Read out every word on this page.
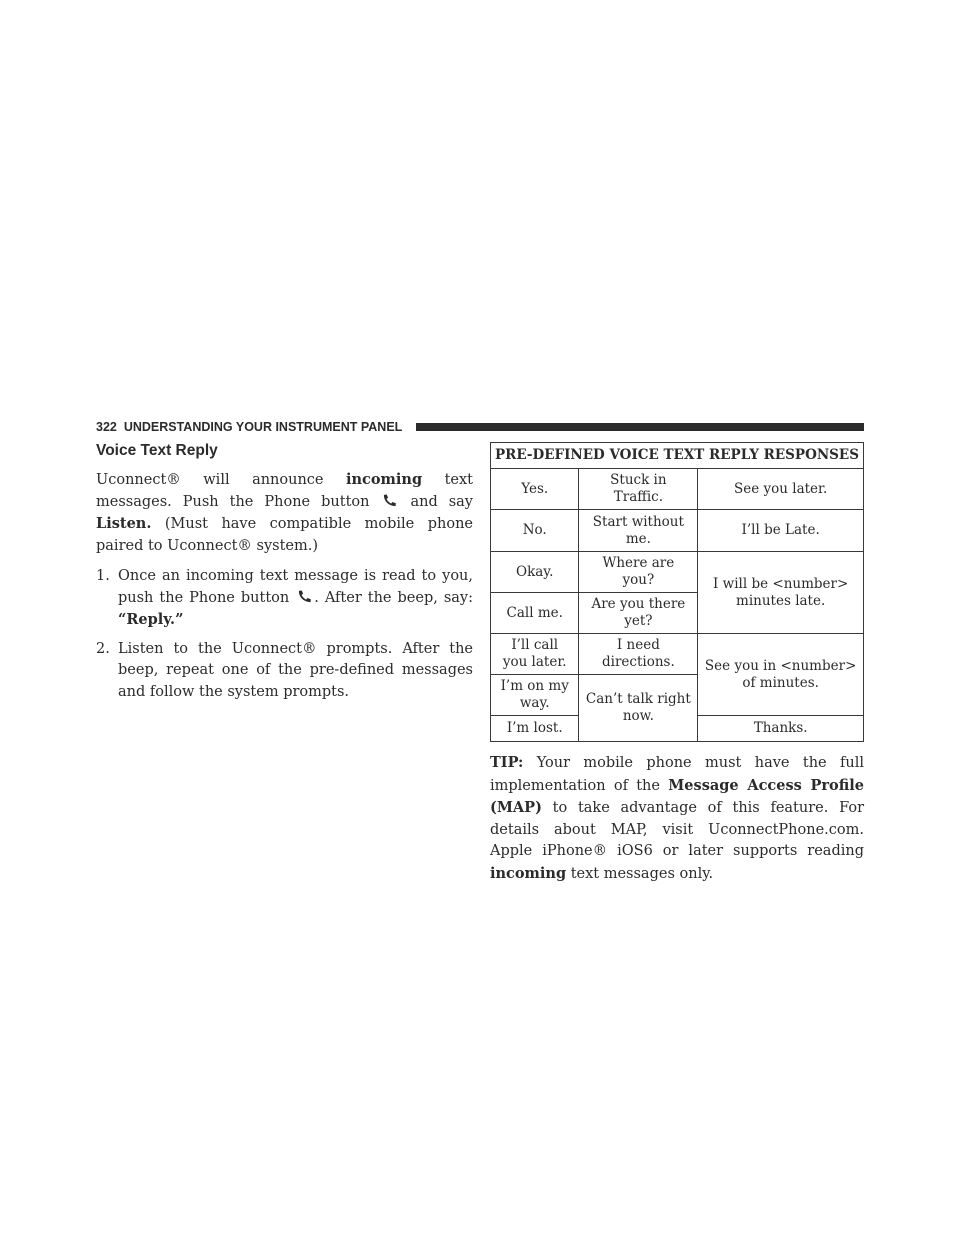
322 UNDERSTANDING YOUR INSTRUMENT PANEL
Voice Text Reply

Uconnect® will announce incoming text messages. Push the Phone button  and say Listen. (Must have compatible mobile phone paired to Uconnect® system.)

1. Once an incoming text message is read to you, push the Phone button . After the beep, say: “Reply.”
2. Listen to the Uconnect® prompts. After the beep, repeat one of the pre-defined messages and follow the system prompts.
PRE-DEFINED VOICE TEXT REPLY RESPONSES		
Yes.	Stuck in Traffic.	See you later.
No.	Start without me.	I’ll be Late.
Okay.	Where are you?	I will be <number> minutes late.
Call me.	Are you there yet?	
I’ll call you later.	I need directions.	See you in <number> of minutes.
I’m on my way.	Can’t talk right now.	
I’m lost.		Thanks.

TIP: Your mobile phone must have the full implementation of the Message Access Profile (MAP) to take advantage of this feature. For details about MAP, visit UconnectPhone.com. Apple iPhone® iOS6 or later supports reading incoming text messages only.
